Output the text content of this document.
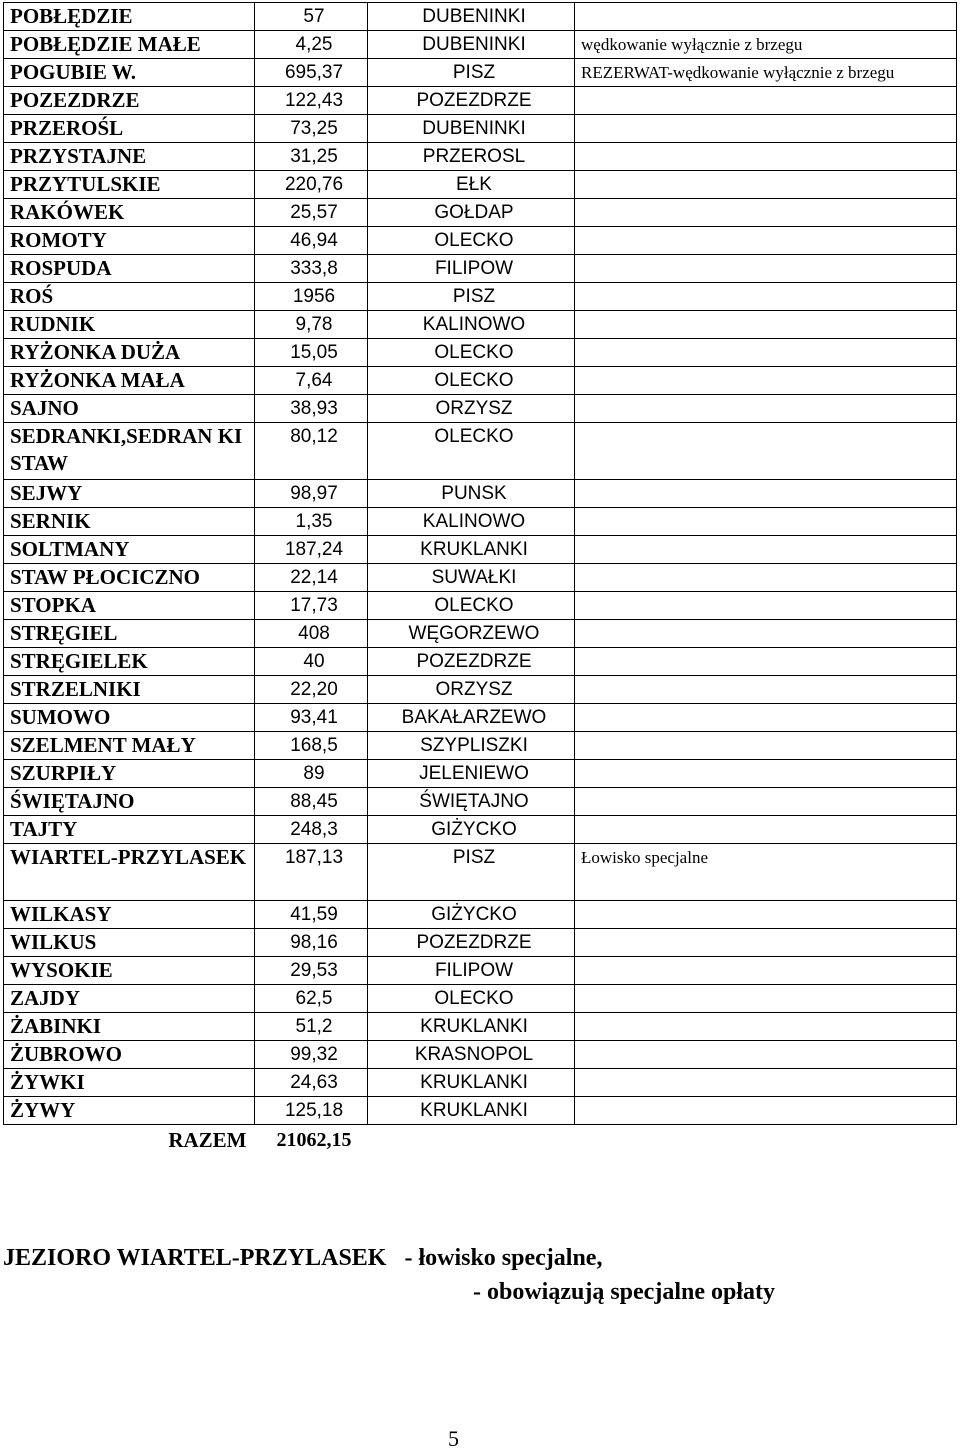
POBŁĘDZIE	57	DUBENINKI	
POBŁĘDZIE MAŁE	4,25	DUBENINKI	wędkowanie wyłącznie z brzegu
POGUBIE W.	695,37	PISZ	REZERWAT-wędkowanie wyłącznie z brzegu
POZEZDRZE	122,43	POZEZDRZE	
PRZEROŚL	73,25	DUBENINKI	
PRZYSTAJNE	31,25	PRZEROSL	
PRZYTULSKIE	220,76	EŁK	
RAKÓWEK	25,57	GOŁDAP	
ROMOTY	46,94	OLECKO	
ROSPUDA	333,8	FILIPOW	
ROŚ	1956	PISZ	
RUDNIK	9,78	KALINOWO	
RYŻONKA DUŻA	15,05	OLECKO	
RYŻONKA MAŁA	7,64	OLECKO	
SAJNO	38,93	ORZYSZ	
SEDRANKI,SEDRAN KI STAW	80,12	OLECKO	
SEJWY	98,97	PUNSK	
SERNIK	1,35	KALINOWO	
SOLTMANY	187,24	KRUKLANKI	
STAW PŁOCICZNO	22,14	SUWAŁKI	
STOPKA	17,73	OLECKO	
STRĘGIEL	408	WĘGORZEWO	
STRĘGIELEK	40	POZEZDRZE	
STRZELNIKI	22,20	ORZYSZ	
SUMOWO	93,41	BAKAŁARZEWO	
SZELMENT MAŁY	168,5	SZYPLISZKI	
SZURPIŁY	89	JELENIEWO	
ŚWIĘTAJNO	88,45	ŚWIĘTAJNO	
TAJTY	248,3	GIŻYCKO	
WIARTEL-PRZYLASEK	187,13	PISZ	Łowisko specjalne
WILKASY	41,59	GIŻYCKO	
WILKUS	98,16	POZEZDRZE	
WYSOKIE	29,53	FILIPOW	
ZAJDY	62,5	OLECKO	
ŻABINKI	51,2	KRUKLANKI	
ŻUBROWO	99,32	KRASNOPOL	
ŻYWKI	24,63	KRUKLANKI	
ŻYWY	125,18	KRUKLANKI	
RAZEM	21062,15		
JEZIORO WIARTEL-PRZYLASEK   - łowisko specjalne,
- obowiązują specjalne opłaty
5
